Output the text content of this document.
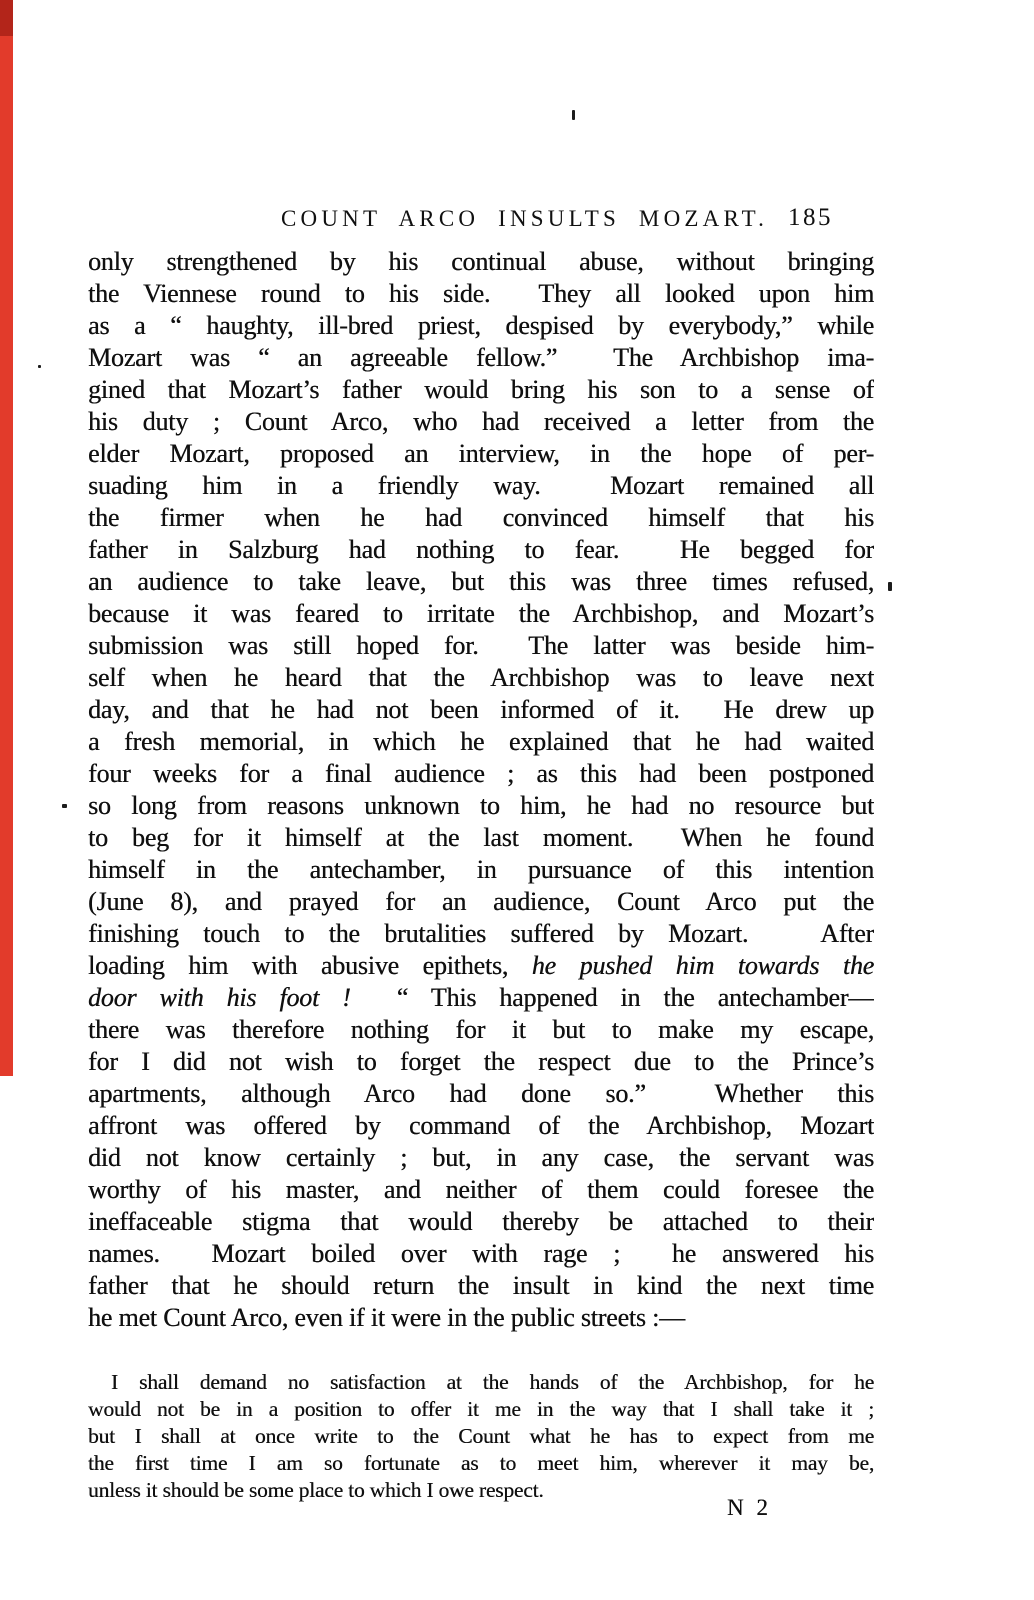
COUNT ARCO INSULTS MOZART. 185
only strengthened by his continual abuse, without bringing
the Viennese round to his side.  They all looked upon him
as a “ haughty, ill-bred priest, despised by everybody,” while
Mozart was “ an agreeable fellow.”  The Archbishop ima-
gined that Mozart’s father would bring his son to a sense of
his duty ; Count Arco, who had received a letter from the
elder Mozart, proposed an interview, in the hope of per-
suading him in a friendly way.  Mozart remained all
the firmer when he had convinced himself that his
father in Salzburg had nothing to fear.  He begged for
an audience to take leave, but this was three times refused,
because it was feared to irritate the Archbishop, and Mozart’s
submission was still hoped for.  The latter was beside him-
self when he heard that the Archbishop was to leave next
day, and that he had not been informed of it.  He drew up
a fresh memorial, in which he explained that he had waited
four weeks for a final audience ; as this had been postponed
so long from reasons unknown to him, he had no resource but
to beg for it himself at the last moment.  When he found
himself in the antechamber, in pursuance of this intention
(June 8), and prayed for an audience, Count Arco put the
finishing touch to the brutalities suffered by Mozart.   After
loading him with abusive epithets, he pushed him towards the
door with his foot !  “ This happened in the antechamber—
there was therefore nothing for it but to make my escape,
for I did not wish to forget the respect due to the Prince’s
apartments, although Arco had done so.”  Whether this
affront was offered by command of the Archbishop, Mozart
did not know certainly ; but, in any case, the servant was
worthy of his master, and neither of them could foresee the
ineffaceable stigma that would thereby be attached to their
names.  Mozart boiled over with rage ;  he answered his
father that he should return the insult in kind the next time
he met Count Arco, even if it were in the public streets :—
I shall demand no satisfaction at the hands of the Archbishop, for he
would not be in a position to offer it me in the way that I shall take it ;
but I shall at once write to the Count what he has to expect from me
the first time I am so fortunate as to meet him, wherever it may be,
unless it should be some place to which I owe respect.
N 2
